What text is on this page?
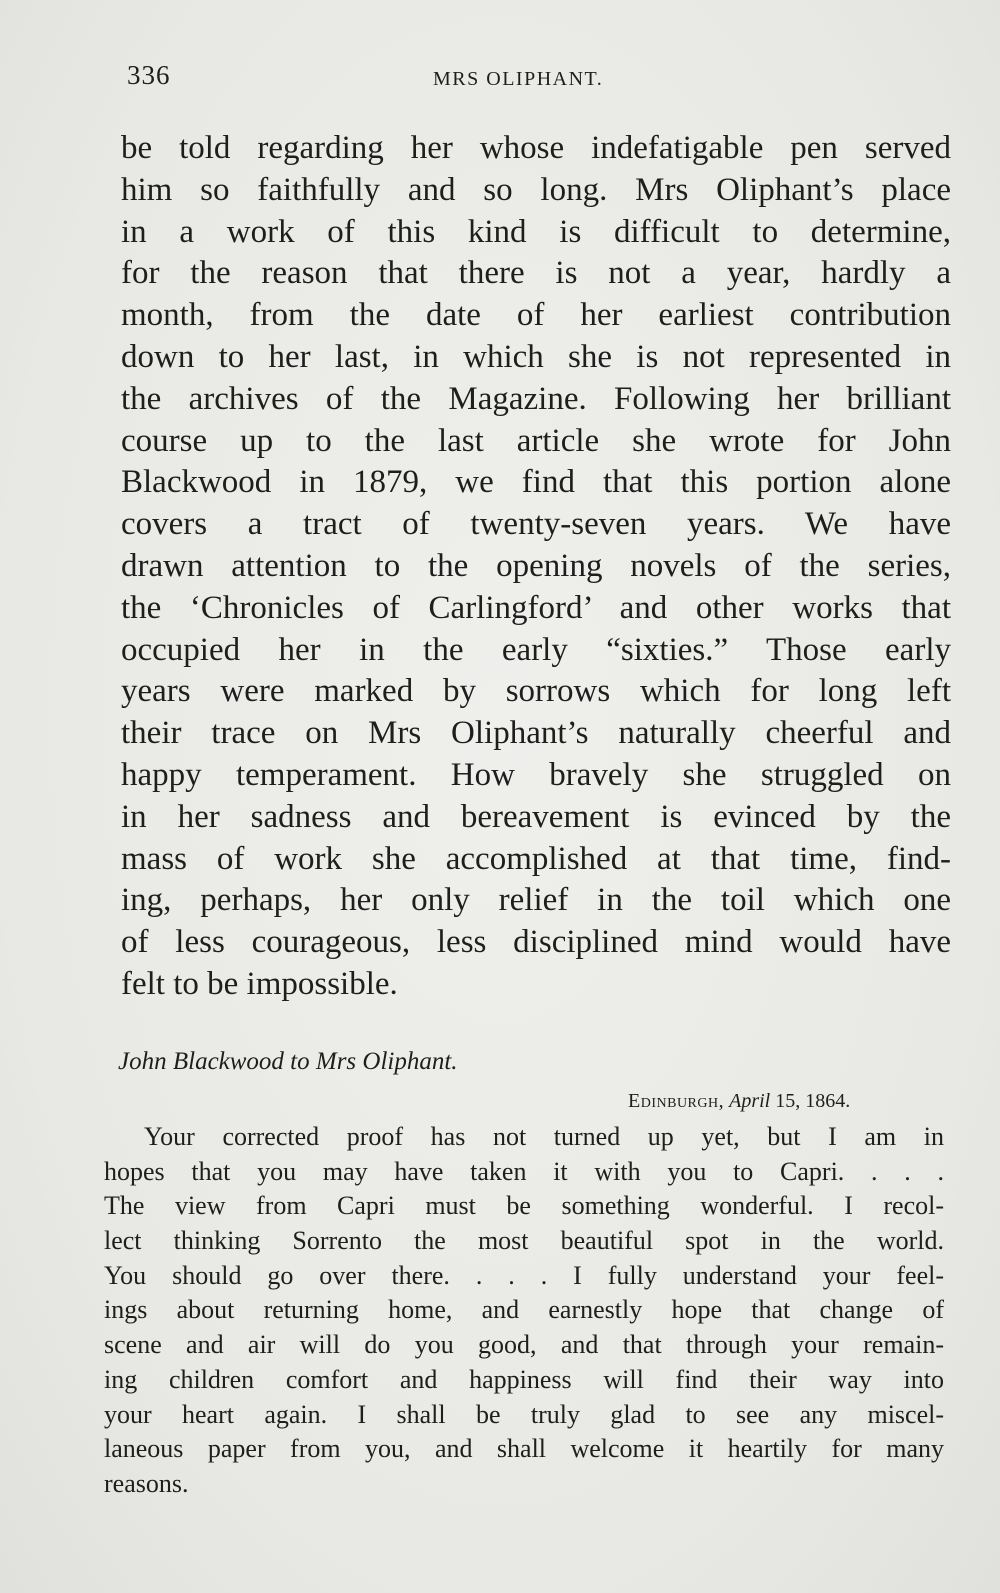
336	MRS OLIPHANT.
be told regarding her whose indefatigable pen served
him so faithfully and so long. Mrs Oliphant’s place
in a work of this kind is difficult to determine,
for the reason that there is not a year, hardly a
month, from the date of her earliest contribution
down to her last, in which she is not represented in
the archives of the Magazine. Following her brilliant
course up to the last article she wrote for John
Blackwood in 1879, we find that this portion alone
covers a tract of twenty-seven years. We have
drawn attention to the opening novels of the series,
the ‘Chronicles of Carlingford’ and other works that
occupied her in the early “sixties.” Those early
years were marked by sorrows which for long left
their trace on Mrs Oliphant’s naturally cheerful and
happy temperament. How bravely she struggled on
in her sadness and bereavement is evinced by the
mass of work she accomplished at that time, find-
ing, perhaps, her only relief in the toil which one
of less courageous, less disciplined mind would have
felt to be impossible.
John Blackwood to Mrs Oliphant.
Edinburgh, April 15, 1864.
Your corrected proof has not turned up yet, but I am in
hopes that you may have taken it with you to Capri. . . .
The view from Capri must be something wonderful. I recol-
lect thinking Sorrento the most beautiful spot in the world.
You should go over there. . . . I fully understand your feel-
ings about returning home, and earnestly hope that change of
scene and air will do you good, and that through your remain-
ing children comfort and happiness will find their way into
your heart again. I shall be truly glad to see any miscel-
laneous paper from you, and shall welcome it heartily for many
reasons.
